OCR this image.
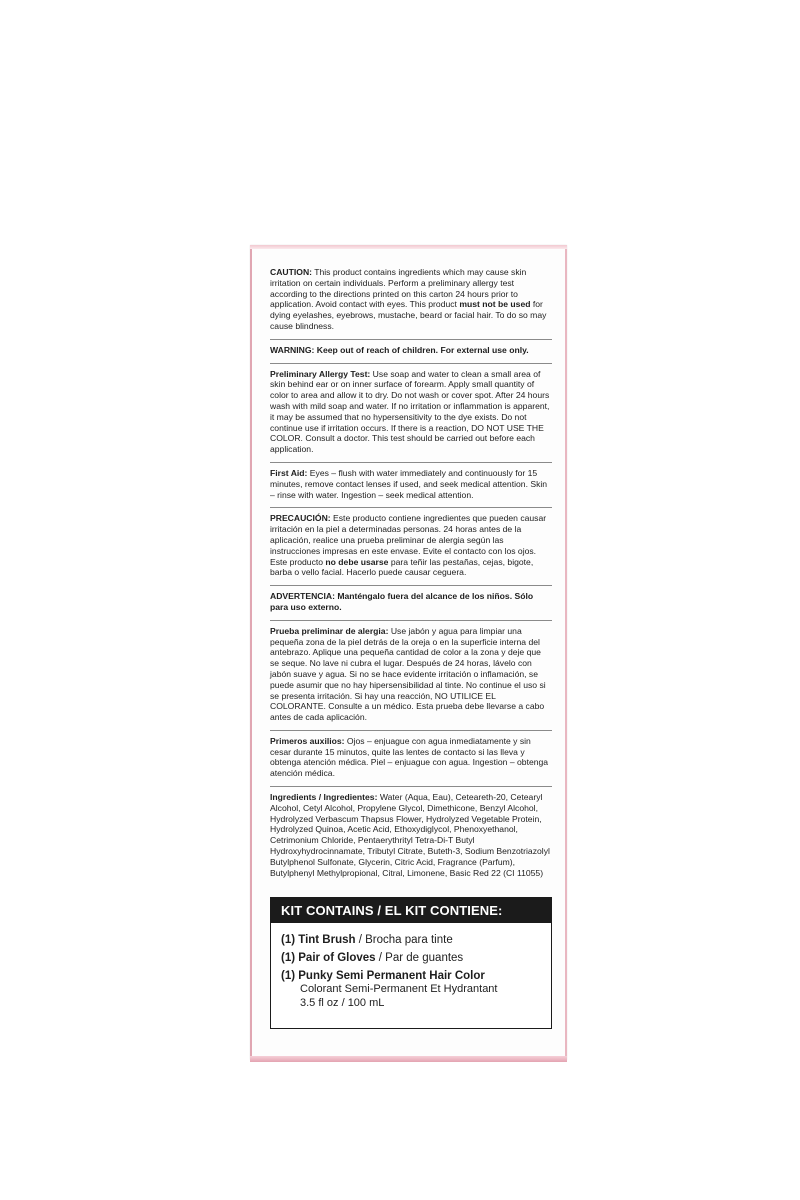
CAUTION: This product contains ingredients which may cause skin irritation on certain individuals. Perform a preliminary allergy test according to the directions printed on this carton 24 hours prior to application. Avoid contact with eyes. This product must not be used for dying eyelashes, eyebrows, mustache, beard or facial hair. To do so may cause blindness.

WARNING: Keep out of reach of children. For external use only.

Preliminary Allergy Test: Use soap and water to clean a small area of skin behind ear or on inner surface of forearm. Apply small quantity of color to area and allow it to dry. Do not wash or cover spot. After 24 hours wash with mild soap and water. If no irritation or inflammation is apparent, it may be assumed that no hypersensitivity to the dye exists. Do not continue use if irritation occurs. If there is a reaction, DO NOT USE THE COLOR. Consult a doctor. This test should be carried out before each application.

First Aid: Eyes – flush with water immediately and continuously for 15 minutes, remove contact lenses if used, and seek medical attention. Skin – rinse with water. Ingestion – seek medical attention.

PRECAUCIÓN: Este producto contiene ingredientes que pueden causar irritación en la piel a determinadas personas. 24 horas antes de la aplicación, realice una prueba preliminar de alergia según las instrucciones impresas en este envase. Evite el contacto con los ojos. Este producto no debe usarse para teñir las pestañas, cejas, bigote, barba o vello facial. Hacerlo puede causar ceguera.

ADVERTENCIA: Manténgalo fuera del alcance de los niños. Sólo para uso externo.

Prueba preliminar de alergia: Use jabón y agua para limpiar una pequeña zona de la piel detrás de la oreja o en la superficie interna del antebrazo. Aplique una pequeña cantidad de color a la zona y deje que se seque. No lave ni cubra el lugar. Después de 24 horas, lávelo con jabón suave y agua. Si no se hace evidente irritación o inflamación, se puede asumir que no hay hipersensibilidad al tinte. No continue el uso si se presenta irritación. Si hay una reacción, NO UTILICE EL COLORANTE. Consulte a un médico. Esta prueba debe llevarse a cabo antes de cada aplicación.

Primeros auxilios: Ojos – enjuague con agua inmediatamente y sin cesar durante 15 minutos, quite las lentes de contacto si las lleva y obtenga atención médica. Piel – enjuague con agua. Ingestion – obtenga atención médica.

Ingredients / Ingredientes: Water (Aqua, Eau), Ceteareth-20, Cetearyl Alcohol, Cetyl Alcohol, Propylene Glycol, Dimethicone, Benzyl Alcohol, Hydrolyzed Verbascum Thapsus Flower, Hydrolyzed Vegetable Protein, Hydrolyzed Quinoa, Acetic Acid, Ethoxydiglycol, Phenoxyethanol, Cetrimonium Chloride, Pentaerythrityl Tetra-Di-T Butyl Hydroxyhydrocinnamate, Tributyl Citrate, Buteth-3, Sodium Benzotriazolyl Butylphenol Sulfonate, Glycerin, Citric Acid, Fragrance (Parfum), Butylphenyl Methylpropional, Citral, Limonene, Basic Red 22 (CI 11055)

KIT CONTAINS / EL KIT CONTIENE:
(1) Tint Brush / Brocha para tinte
(1) Pair of Gloves / Par de guantes
(1) Punky Semi Permanent Hair Color
Colorant Semi-Permanent Et Hydrantant
3.5 fl oz / 100 mL
